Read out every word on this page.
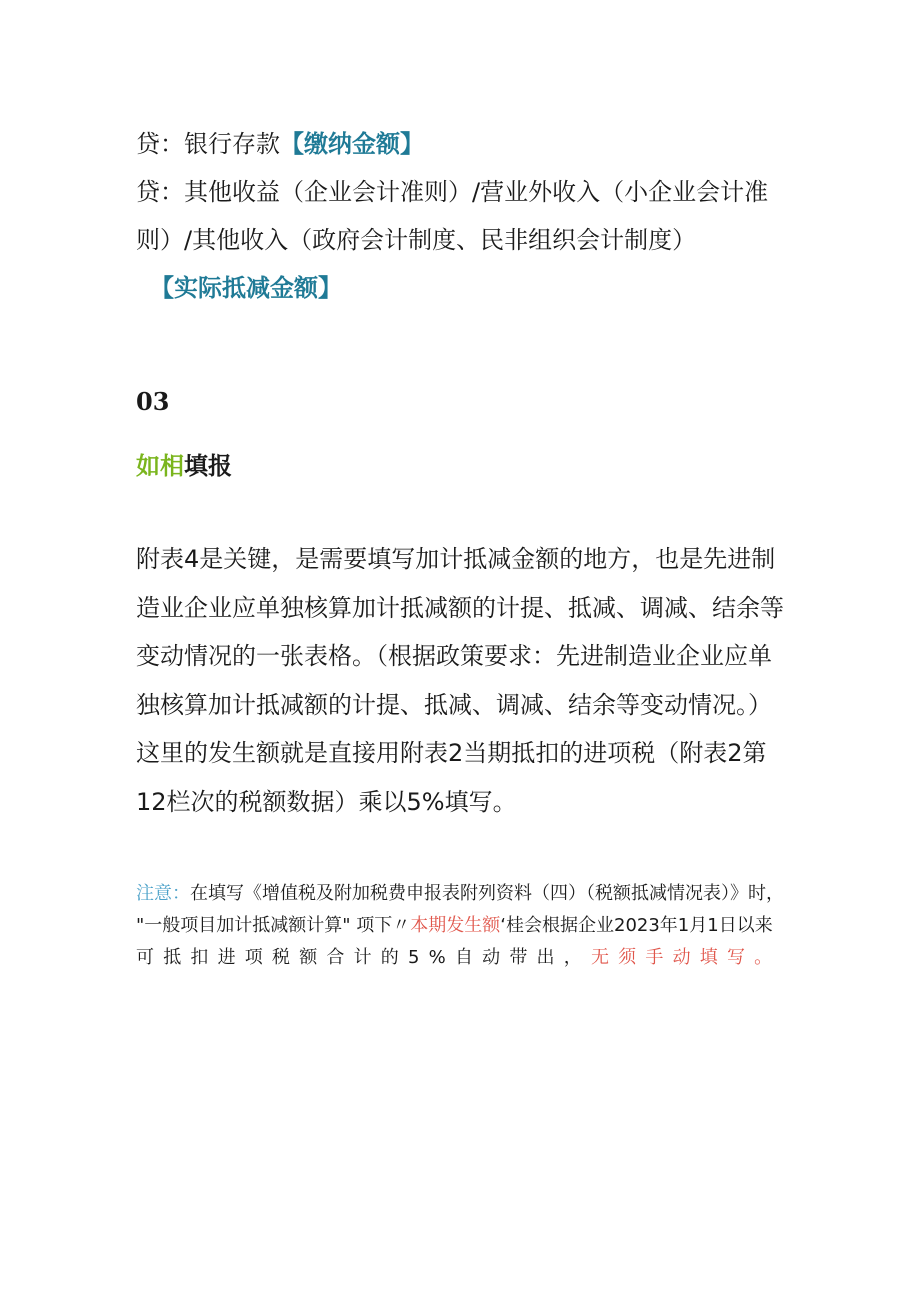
贷：银行存款【缴纳金额】
贷：其他收益（企业会计准则）/营业外收入（小企业会计准
则）/其他收入（政府会计制度、民非组织会计制度）
【实际抵减金额】
03
如相填报
附表4是关键，是需要填写加计抵减金额的地方，也是先进制
造业企业应单独核算加计抵减额的计提、抵减、调减、结余等
变动情况的一张表格。（根据政策要求：先进制造业企业应单
独核算加计抵减额的计提、抵减、调减、结余等变动情况。）
这里的发生额就是直接用附表2当期抵扣的进项税（附表2第
12栏次的税额数据）乘以5%填写。
注意：在填写《增值税及附加税费申报表附列资料（四）（税额抵减情况表）》时，
"一般项目加计抵减额计算" 项下〃本期发生额‘桂会根据企业2023年1月1日以来
可抵扣进项税额合计的5%自动带出，无须手动填写。
